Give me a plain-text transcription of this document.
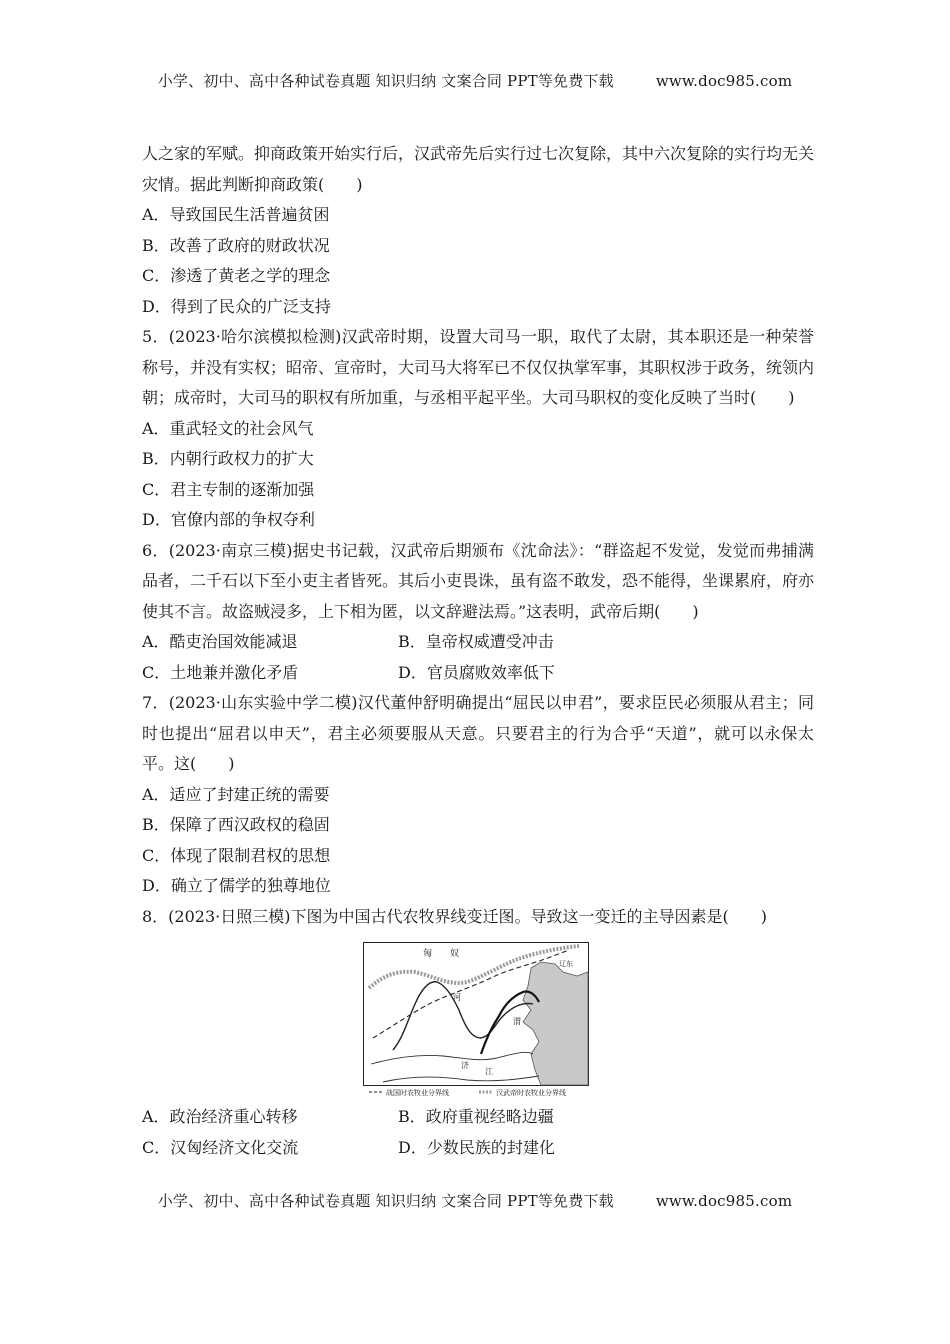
小学、初中、高中各种试卷真题 知识归纳 文案合同 PPT等免费下载	www.doc985.com

人之家的军赋。抑商政策开始实行后，汉武帝先后实行过七次复除，其中六次复除的实行均无关灾情。据此判断抑商政策(　　)

A．导致国民生活普遍贫困

B．改善了政府的财政状况

C．渗透了黄老之学的理念

D．得到了民众的广泛支持

5．(2023·哈尔滨模拟检测)汉武帝时期，设置大司马一职，取代了太尉，其本职还是一种荣誉称号，并没有实权；昭帝、宣帝时，大司马大将军已不仅仅执掌军事，其职权涉于政务，统领内朝；成帝时，大司马的职权有所加重，与丞相平起平坐。大司马职权的变化反映了当时(　　)

A．重武轻文的社会风气

B．内朝行政权力的扩大

C．君主专制的逐渐加强

D．官僚内部的争权夺利

6．(2023·南京三模)据史书记载，汉武帝后期颁布《沈命法》：“群盗起不发觉，发觉而弗捕满品者，二千石以下至小吏主者皆死。其后小吏畏诛，虽有盗不敢发，恐不能得，坐课累府，府亦使其不言。故盗贼浸多，上下相为匿，以文辞避法焉。”这表明，武帝后期(　　)

A．酷吏治国效能减退	B．皇帝权威遭受冲击

C．土地兼并激化矛盾	D．官员腐败效率低下

7．(2023·山东实验中学二模)汉代董仲舒明确提出“屈民以申君”，要求臣民必须服从君主；同时也提出“屈君以申天”，君主必须要服从天意。只要君主的行为合乎“天道”，就可以永保太平。这(　　)

A．适应了封建正统的需要

B．保障了西汉政权的稳固

C．体现了限制君权的思想

D．确立了儒学的独尊地位

8．(2023·日照三模)下图为中国古代农牧界线变迁图。导致这一变迁的主导因素是(　　)

匈　　奴
河
渭
济
江
辽东
战国时农牧业分界线	汉武帝时农牧业分界线

A．政治经济重心转移	B．政府重视经略边疆

C．汉匈经济文化交流	D．少数民族的封建化

小学、初中、高中各种试卷真题 知识归纳 文案合同 PPT等免费下载	www.doc985.com
